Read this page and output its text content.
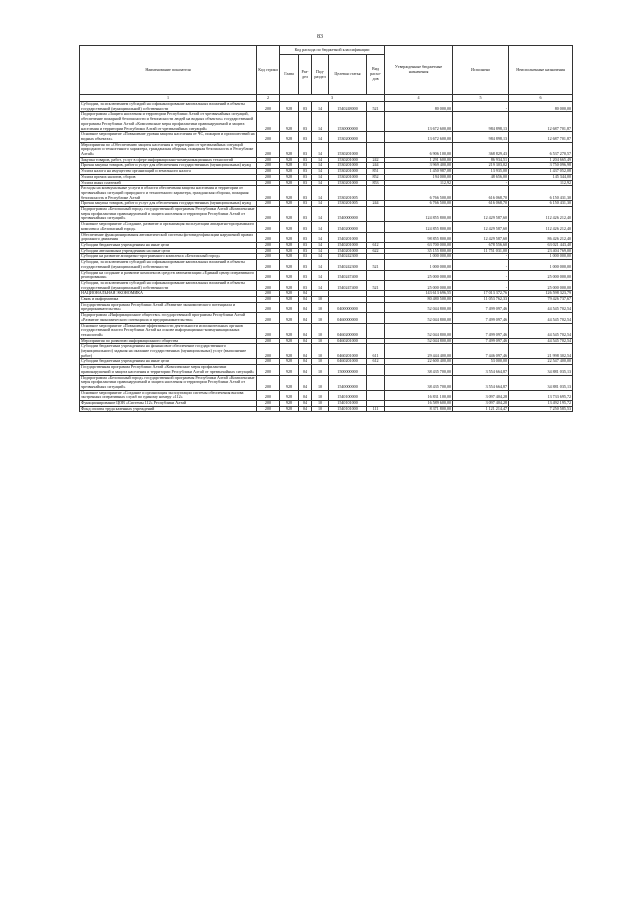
83
Наименование показателя	Код строки	Код расхода по бюджетной классификации					Утвержденные бюджетные назначения	Исполнено	Неисполненные назначения
		Глава	Раз-дел	Под-раздел	Целевая статья	Вид расхо-дов			
1	2	3					4	5	6
Субсидии, за исключением субсидий на софинансирование капитальных вложений в объекты государственной (муниципальной) собственности	200	928	03	14	1540248000	521	80 000,00	-	80 000,00
Подпрограмма «Защита населения и территории Республики Алтай от чрезвычайных ситуаций, обеспечение пожарной безопасности и безопасности людей на водных объектах» государственной программы Республики Алтай «Комплексные меры профилактики правонарушений и защита населения и территории Республики Алтай от чрезвычайных ситуаций»	200	928	03	14	1530000000		13 672 600,00	984 898,13	12 687 701,87
Основное мероприятие «Повышение уровня защиты населения от ЧС, пожаров и происшествий на водных объектах»	200	928	03	14	1530200000		13 672 600,00	984 898,13	12 687 701,87
Мероприятия по «Обеспечению защиты населения и территории от чрезвычайных ситуаций природного и техногенного характера, гражданская оборона, пожарная безопасность в Республике Алтай»	200	928	03	14	1530201000		6 906 100,00	368 829,43	6 537 270,57
Закупка товаров, работ, услуг в сфере информационно-коммуникационных технологий	200	928	03	14	1530201000	242	1 291 600,00	86 934,51	1 204 665,49
Прочая закупка товаров, работ и услуг для обеспечения государственных (муниципальных) нужд	200	928	03	14	1530201000	244	3 969 400,00	219 303,02	3 750 096,98
Уплата налога на имущество организаций и земельного налога	200	928	03	14	1530201000	851	1 450 987,08	13 935,00	1 437 052,08
Уплата прочих налогов, сборов	200	928	03	14	1530201000	852	194 000,00	48 656,00	145 344,00
Уплата иных платежей	200	928	03	14	1530201000	853	112,92	-	112,92
Расходы на коммунальные услуги в области обеспечения защиты населения и территории от чрезвычайных ситуаций природного и техногенного характера, гражданская оборона, пожарная безопасность в Республике Алтай	200	928	03	14	1530201005		6 766 500,00	616 068,70	6 150 431,30
Прочая закупка товаров, работ и услуг для обеспечения государственных (муниципальных) нужд	200	928	03	14	1530201005	244	6 766 500,00	616 068,70	6 150 431,30
Подпрограмма «Безопасный город» государственной программы Республики Алтай «Комплексные меры профилактики правонарушений и защита населения и территории Республики Алтай от чрезвычайных ситуаций»	200	928	03	14	1540000000		124 855 800,00	12 429 587,60	112 426 212,40
Основное мероприятие «Создание, развитие и организация эксплуатации аппаратно-программного комплекса «Безопасный город»	200	928	03	14	1540200000		124 855 800,00	12 429 587,60	112 426 212,40
Обеспечение функционирования автоматической системы фотовидеофиксации нарушений правил дорожного движения	200	928	03	14	1540201000		98 855 800,00	12 429 587,60	86 426 212,40
Субсидии бюджетным учреждениям на иные цели	200	928	03	14	1540201000	612	63 700 000,00	678 556,60	63 021 443,40
Субсидии автономным учреждениям на иные цели	200	928	03	14	1540201000	622	35 155 800,00	11 751 031,00	23 404 769,00
Субсидии на развитие аппаратно-программного комплекса «Безопасный город»	200	928	03	14	1540242300		1 000 000,00	-	1 000 000,00
Субсидии, за исключением субсидий на софинансирование капитальных вложений в объекты государственной (муниципальной) собственности	200	928	03	14	1540242300	521	1 000 000,00	-	1 000 000,00
Субсидии на создание и развитие комплексов средств автоматизации «Единый центр оперативного реагирования»	200	928	03	14	1540247400		25 000 000,00	-	25 000 000,00
Субсидии, за исключением субсидий на софинансирование капитальных вложений в объекты государственной (муниципальной) собственности	200	928	03	14	1540247400	521	25 000 000,00	-	25 000 000,00
НАЦИОНАЛЬНАЯ ЭКОНОМИКА	200	928	04				143 613 696,55	17 013 372,76	126 598 323,79
Связь и информатика	200	928	04	10			80 480 500,00	11 053 762,33	79 426 737,67
Государственная программа Республики Алтай «Развитие экономического потенциала и предпринимательства»	200	928	04	10	0400000000		52 044 800,00	7 499 097,46	44 545 702,54
Подпрограмма «Информационное общество» государственной программы Республики Алтай «Развитие экономического потенциала и предпринимательства»	200	928	04	10	0460000000		52 044 800,00	7 499 097,46	44 545 702,54
Основное мероприятие «Повышение эффективности деятельности исполнительных органов государственной власти Республики Алтай на основе информационно-коммуникационных технологий»	200	928	04	10	0460200000		52 044 800,00	7 499 097,46	44 545 702,54
Мероприятия по развитию информационного общества	200	928	04	10	0460201000		52 044 800,00	7 499 097,46	44 545 702,54
Субсидии бюджетным учреждениям на финансовое обеспечение государственного (муниципального) задания на оказание государственных (муниципальных) услуг (выполнение работ)	200	928	04	10	0460201000	611	29 444 400,00	7 446 097,46	21 998 302,54
Субсидии бюджетным учреждениям на иные цели	200	928	04	10	0460201000	612	22 600 400,00	53 000,00	22 547 400,00
Государственная программа Республики Алтай «Комплексные меры профилактики правонарушений и защита населения и территории Республики Алтай от чрезвычайных ситуаций»	200	928	04	10	1500000000		38 435 700,00	3 554 664,87	34 881 035,13
Подпрограмма «Безопасный город» государственной программы Республики Алтай «Комплексные меры профилактики правонарушений и защита населения и территории Республики Алтай от чрезвычайных ситуаций»	200	928	04	10	1540000000		38 435 700,00	3 554 664,87	34 881 035,13
Основное мероприятие «Создание и организация эксплуатации системы обеспечения вызова экстренных оперативных служб по единому номеру «112»	200	928	04	10	1540100000		16 831 100,00	3 097 404,28	13 733 695,72
Функционирование ЦОВ «Системы 112» Республики Алтай	200	928	04	10	1540101000		16 589 600,00	3 097 404,28	13 492 195,72
Фонд оплаты труда казенных учреждений	200	928	04	10	1540101000	111	8 371 800,00	1 121 214,47	7 250 585,53
